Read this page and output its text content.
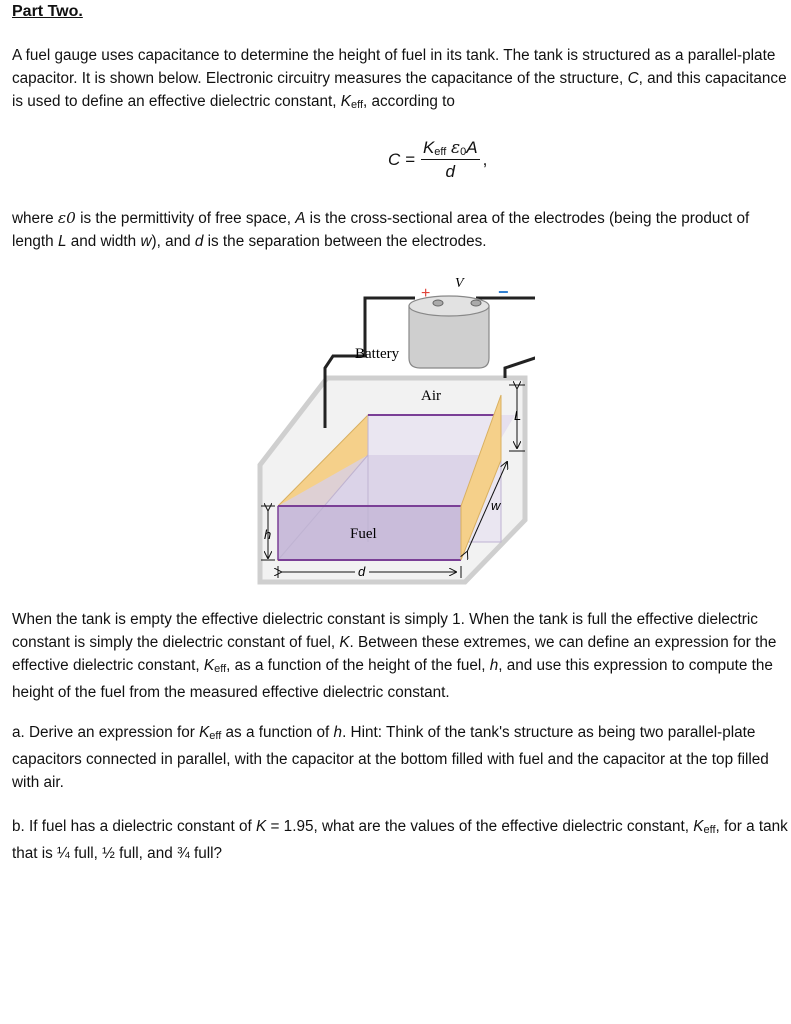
Part Two.
A fuel gauge uses capacitance to determine the height of fuel in its tank. The tank is structured as a parallel-plate capacitor. It is shown below. Electronic circuitry measures the capacitance of the structure, C, and this capacitance is used to define an effective dielectric constant, Keff, according to
$C = \frac{\text{Keff ε0A}}{d}$ ,
where ε0 is the permittivity of free space, A is the cross-sectional area of the electrodes (being the product of length L and width w), and d is the separation between the electrodes.
+
V −
Battery
Air
Fuel
h
d
L
w
When the tank is empty the effective dielectric constant is simply 1. When the tank is full the effective dielectric constant is simply the dielectric constant of fuel, K. Between these extremes, we can define an expression for the effective dielectric constant, Keff, as a function of the height of the fuel, h, and use this expression to compute the height of the fuel from the measured effective dielectric constant.
a. Derive an expression for Keff as a function of h. Hint: Think of the tank's structure as being two parallel-plate capacitors connected in parallel, with the capacitor at the bottom filled with fuel and the capacitor at the top filled with air.
b. If fuel has a dielectric constant of K = 1.95, what are the values of the effective dielectric constant, Keff, for a tank that is ¼ full, ½ full, and ¾ full?
